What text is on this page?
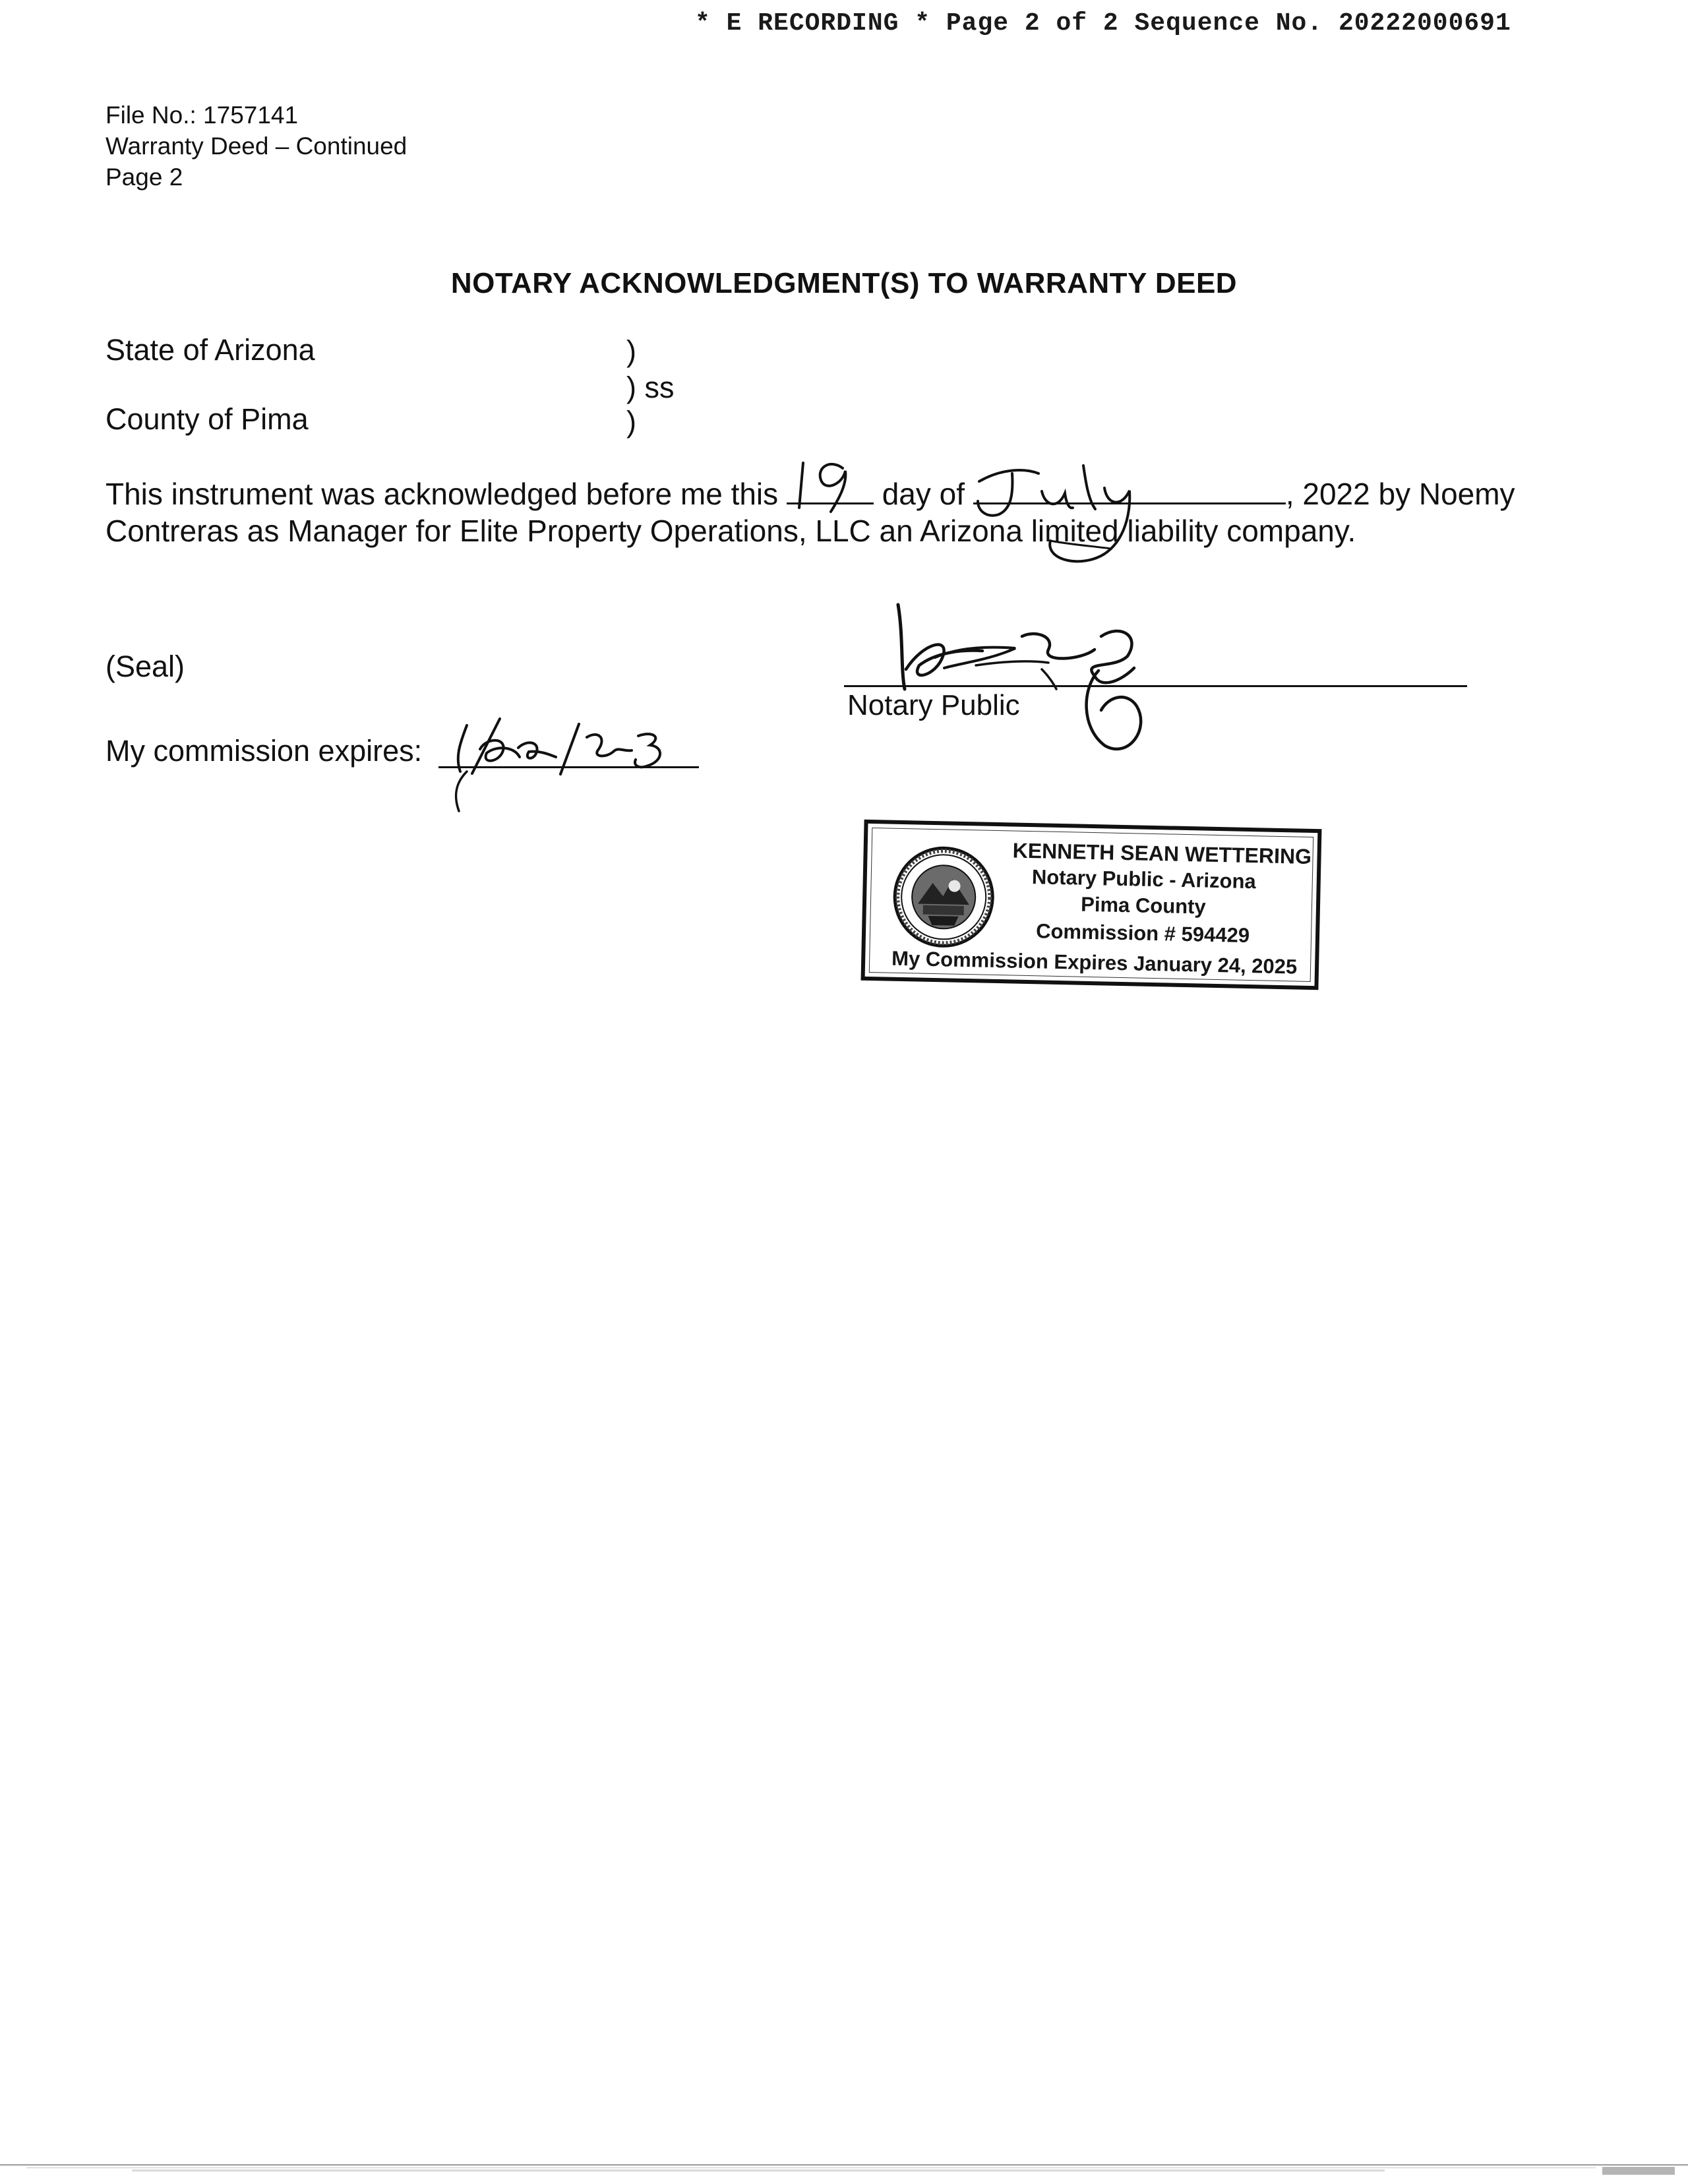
* E RECORDING * Page 2 of 2 Sequence No. 20222000691
File No.: 1757141
Warranty Deed – Continued
Page 2
NOTARY ACKNOWLEDGMENT(S) TO WARRANTY DEED
State of Arizona
County of Pima
)
) ss
)
This instrument was acknowledged before me this	day of	, 2022 by Noemy
Contreras as Manager for Elite Property Operations, LLC an Arizona limited liability company.
(Seal)
My commission expires:
Notary Public
KENNETH SEAN WETTERING
Notary Public - Arizona
Pima County
Commission # 594429
My Commission Expires January 24, 2025
